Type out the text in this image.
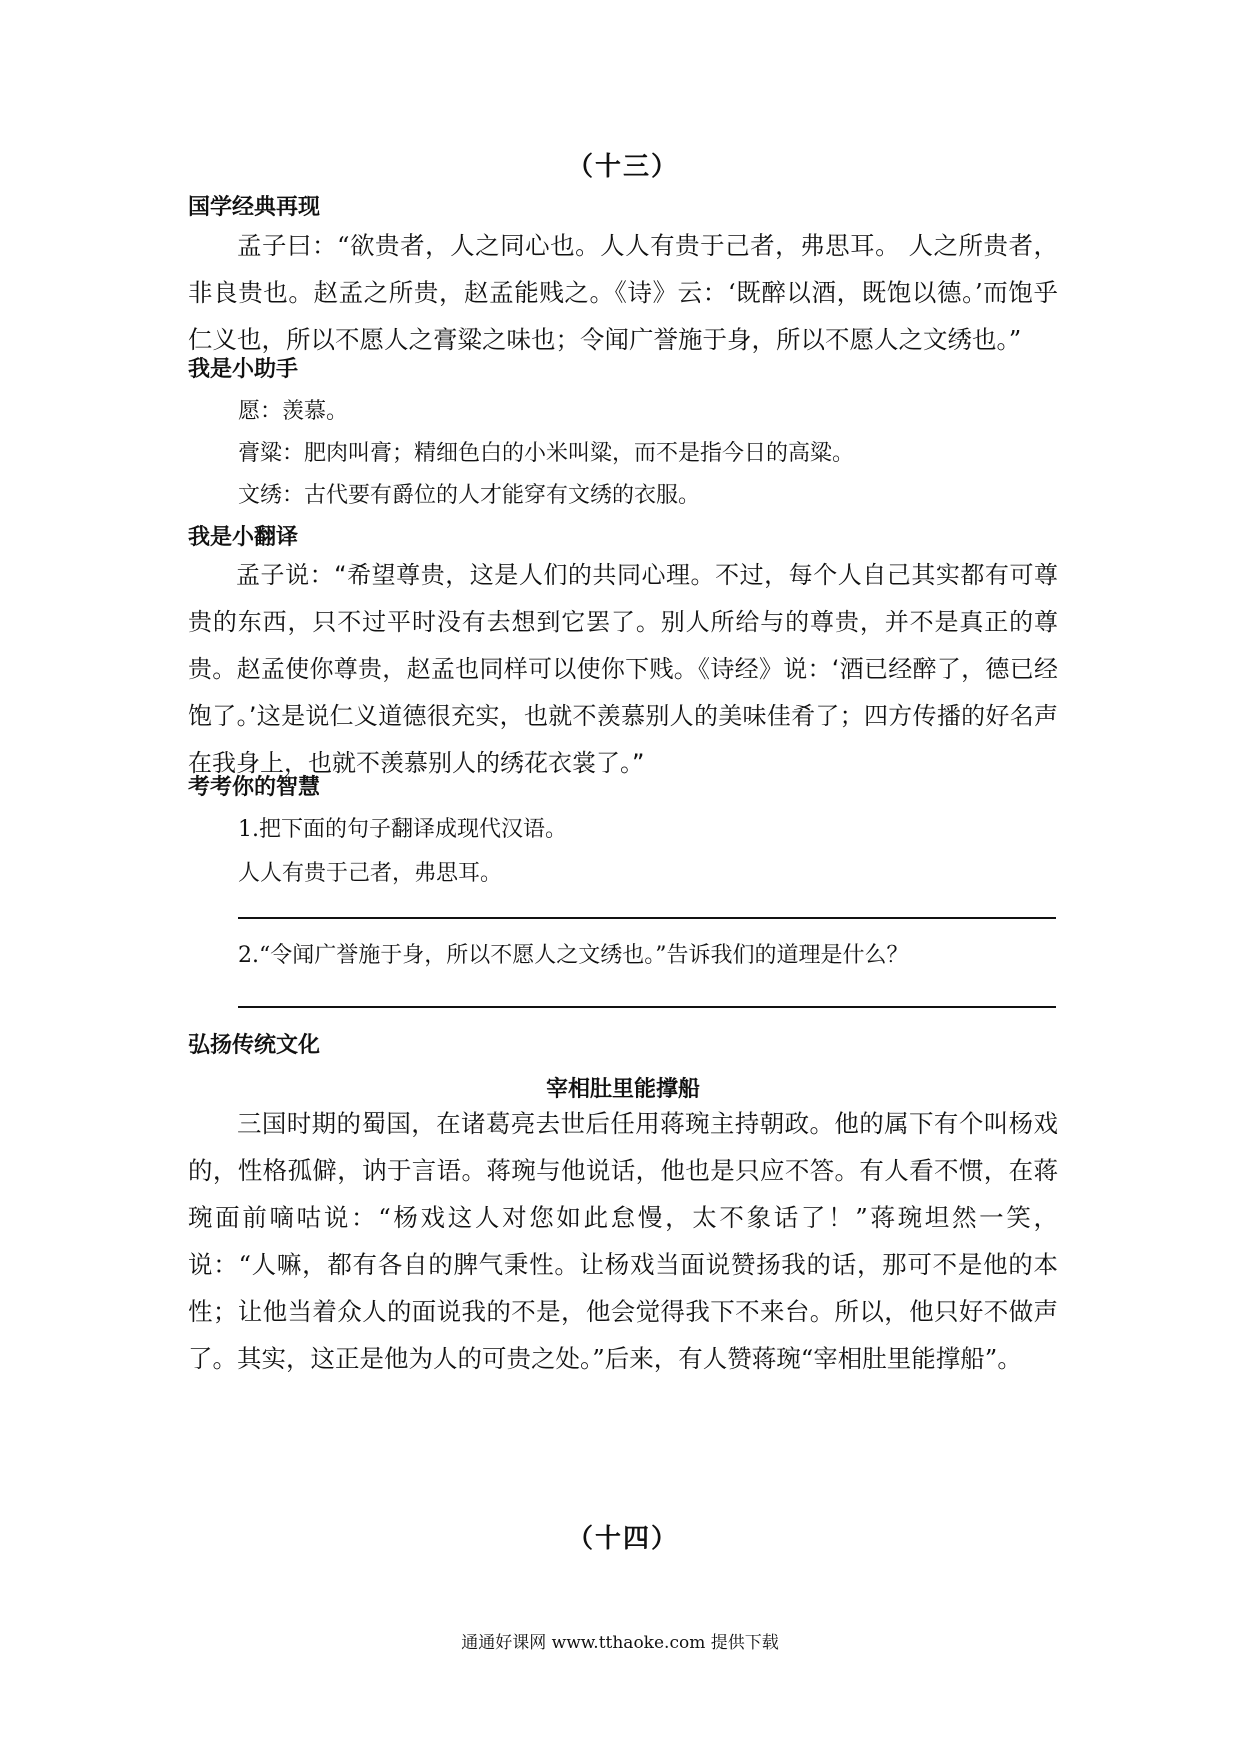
（十三）
国学经典再现
孟子曰：“欲贵者，人之同心也。人人有贵于己者，弗思耳。 人之所贵者，非良贵也。赵孟之所贵，赵孟能贱之。《诗》云：‘既醉以酒，既饱以德。’而饱乎仁义也，所以不愿人之膏粱之味也；令闻广誉施于身，所以不愿人之文绣也。”
我是小助手
愿：羡慕。
膏粱：肥肉叫膏；精细色白的小米叫粱，而不是指今日的高粱。
文绣：古代要有爵位的人才能穿有文绣的衣服。
我是小翻译
孟子说：“希望尊贵，这是人们的共同心理。不过，每个人自己其实都有可尊贵的东西，只不过平时没有去想到它罢了。别人所给与的尊贵，并不是真正的尊贵。赵孟使你尊贵，赵孟也同样可以使你下贱。《诗经》说：‘酒已经醉了，德已经饱了。’这是说仁义道德很充实，也就不羡慕别人的美味佳肴了；四方传播的好名声在我身上，也就不羡慕别人的绣花衣裳了。”
考考你的智慧
1.把下面的句子翻译成现代汉语。
人人有贵于己者，弗思耳。
2.“令闻广誉施于身，所以不愿人之文绣也。”告诉我们的道理是什么？
弘扬传统文化
宰相肚里能撑船
三国时期的蜀国，在诸葛亮去世后任用蒋琬主持朝政。他的属下有个叫杨戏的，性格孤僻，讷于言语。蒋琬与他说话，他也是只应不答。有人看不惯，在蒋琬面前嘀咕说：“杨戏这人对您如此怠慢，太不象话了！”蒋琬坦然一笑，说：“人嘛，都有各自的脾气秉性。让杨戏当面说赞扬我的话，那可不是他的本性；让他当着众人的面说我的不是，他会觉得我下不来台。所以，他只好不做声了。其实，这正是他为人的可贵之处。”后来，有人赞蒋琬“宰相肚里能撑船”。
（十四）
通通好课网 www.tthaoke.com 提供下载
